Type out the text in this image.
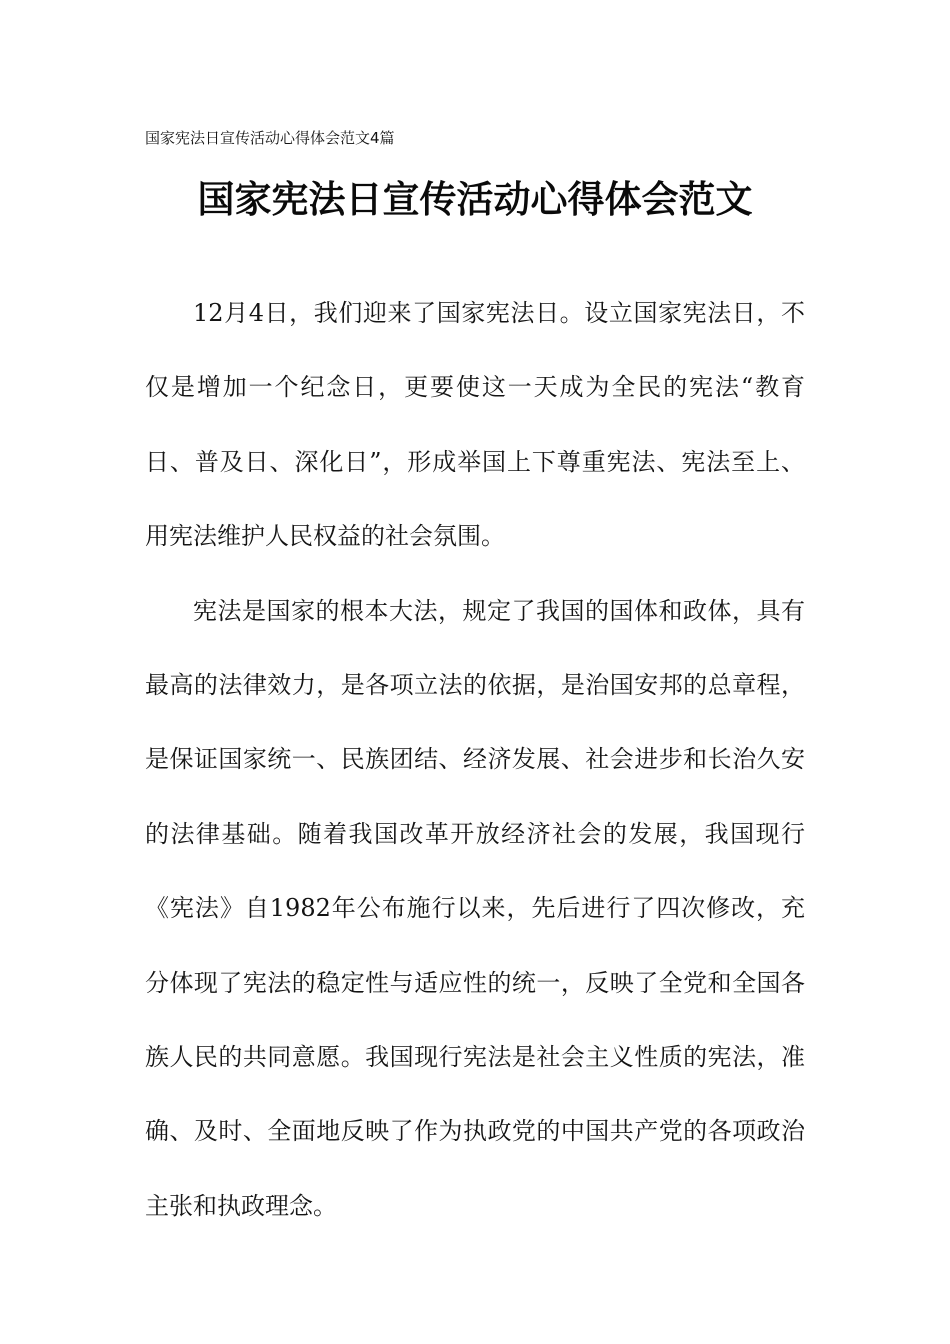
国家宪法日宣传活动心得体会范文4篇
国家宪法日宣传活动心得体会范文

12月4日，我们迎来了国家宪法日。设立国家宪法日，不仅是增加一个纪念日，更要使这一天成为全民的宪法“教育日、普及日、深化日”，形成举国上下尊重宪法、宪法至上、用宪法维护人民权益的社会氛围。

宪法是国家的根本大法，规定了我国的国体和政体，具有最高的法律效力，是各项立法的依据，是治国安邦的总章程，是保证国家统一、民族团结、经济发展、社会进步和长治久安的法律基础。随着我国改革开放经济社会的发展，我国现行《宪法》自1982年公布施行以来，先后进行了四次修改，充分体现了宪法的稳定性与适应性的统一，反映了全党和全国各族人民的共同意愿。我国现行宪法是社会主义性质的宪法，准确、及时、全面地反映了作为执政党的中国共产党的各项政治主张和执政理念。
